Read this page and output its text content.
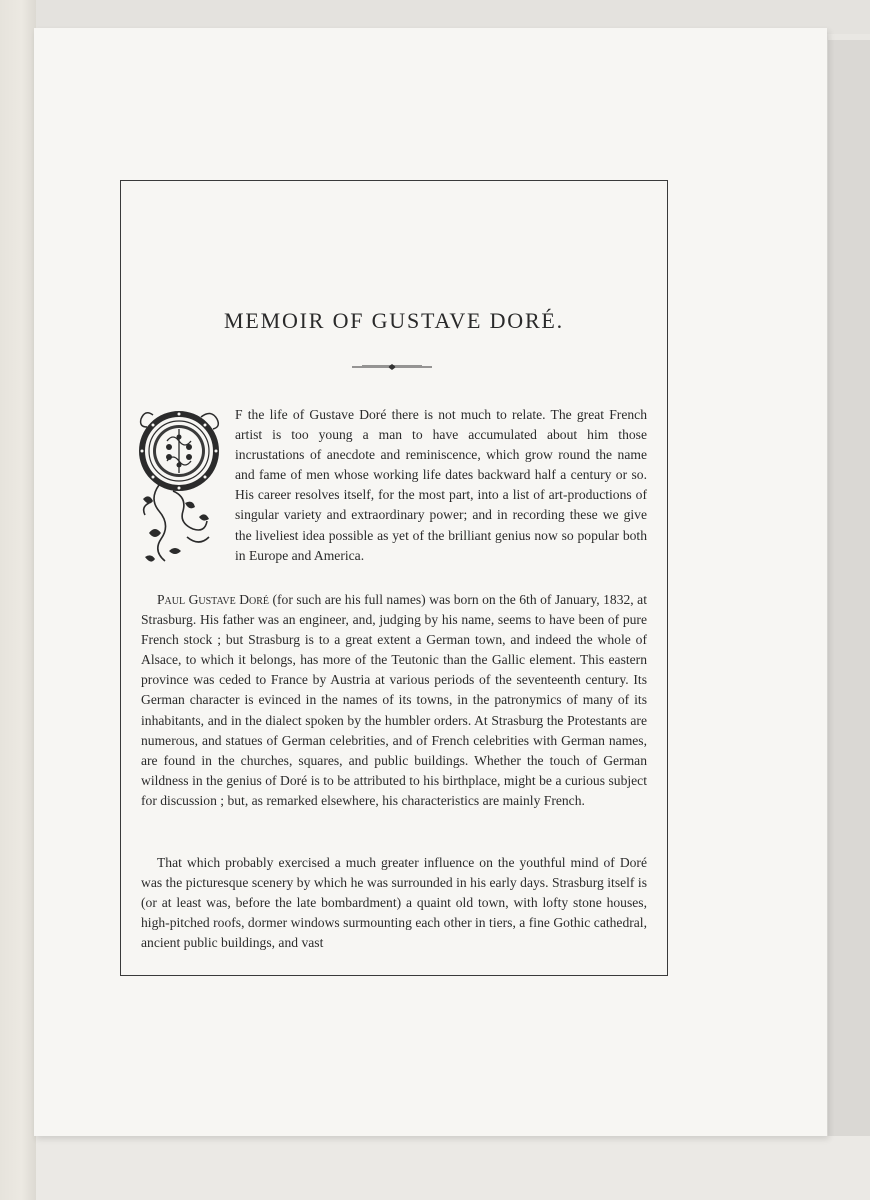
MEMOIR OF GUSTAVE DORÉ.

F the life of Gustave Doré there is not much to relate. The great French artist is too young a man to have accumulated about him those incrustations of anecdote and reminiscence, which grow round the name and fame of men whose working life dates backward half a century or so. His career resolves itself, for the most part, into a list of art-productions of singular variety and extraordinary power; and in recording these we give the liveliest idea possible as yet of the brilliant genius now so popular both in Europe and America.

Paul Gustave Doré (for such are his full names) was born on the 6th of January, 1832, at Strasburg. His father was an engineer, and, judging by his name, seems to have been of pure French stock ; but Strasburg is to a great extent a German town, and indeed the whole of Alsace, to which it belongs, has more of the Teutonic than the Gallic element. This eastern province was ceded to France by Austria at various periods of the seventeenth century. Its German character is evinced in the names of its towns, in the patronymics of many of its inhabitants, and in the dialect spoken by the humbler orders. At Strasburg the Protestants are numerous, and statues of German celebrities, and of French celebrities with German names, are found in the churches, squares, and public buildings. Whether the touch of German wildness in the genius of Doré is to be attributed to his birthplace, might be a curious subject for discussion ; but, as remarked elsewhere, his characteristics are mainly French.

That which probably exercised a much greater influence on the youthful mind of Doré was the picturesque scenery by which he was surrounded in his early days. Strasburg itself is (or at least was, before the late bombardment) a quaint old town, with lofty stone houses, high-pitched roofs, dormer windows surmounting each other in tiers, a fine Gothic cathedral, ancient public buildings, and vast
